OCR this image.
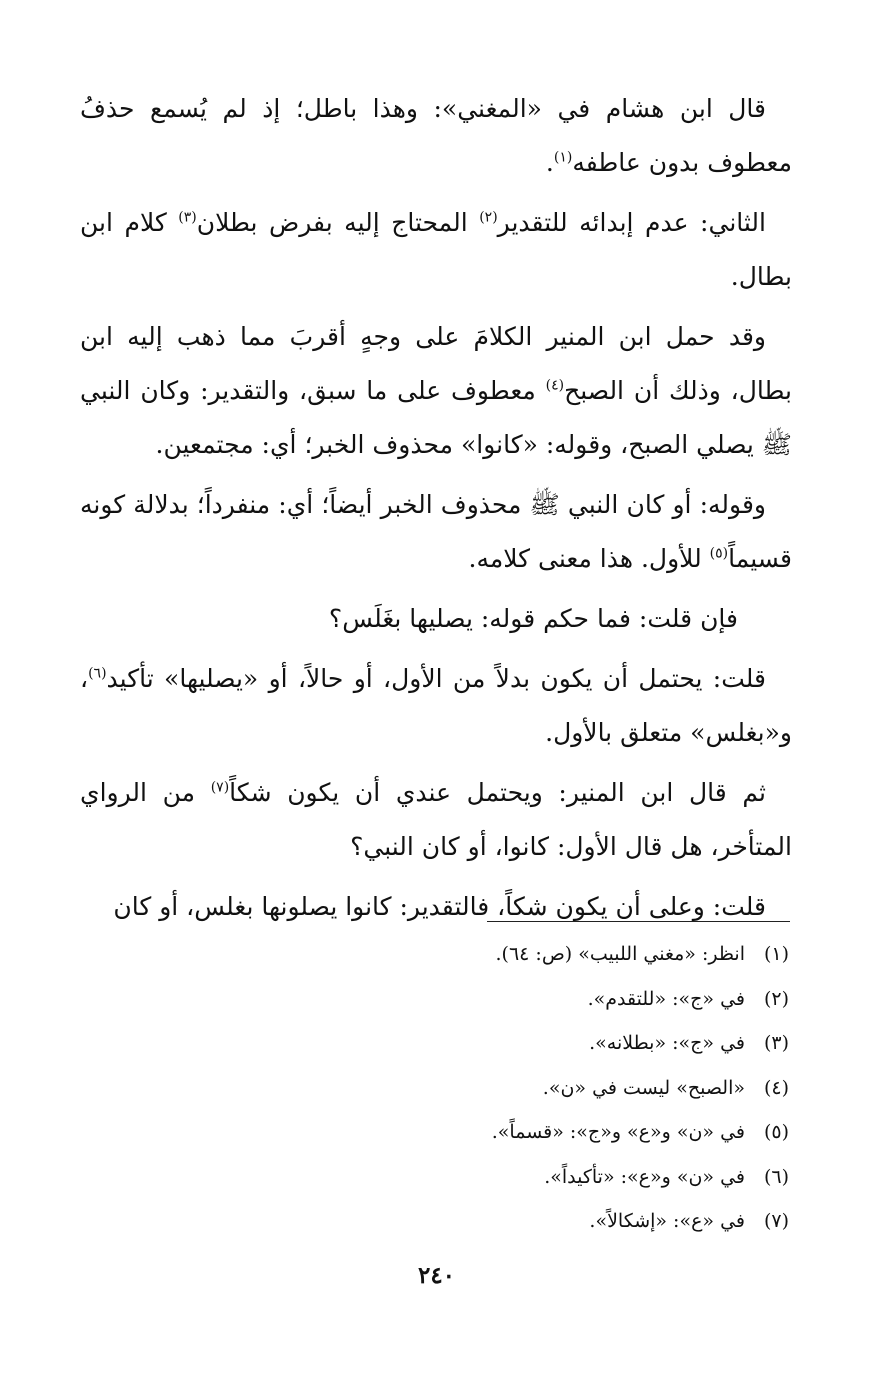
قال ابن هشام في «المغني»: وهذا باطل؛ إذ لم يُسمع حذفُ معطوف بدون عاطفه$^{(١)}$.

الثاني: عدم إبدائه للتقدير$^{(٢)}$ المحتاج إليه بفرض بطلان$^{(٣)}$ كلام ابن بطال.

وقد حمل ابن المنير الكلامَ على وجهٍ أقربَ مما ذهب إليه ابن بطال، وذلك أن الصبح$^{(٤)}$ معطوف على ما سبق، والتقدير: وكان النبي ﷺ يصلي الصبح، وقوله: «كانوا» محذوف الخبر؛ أي: مجتمعين.

وقوله: أو كان النبي ﷺ محذوف الخبر أيضاً؛ أي: منفرداً؛ بدلالة كونه قسيماً$^{(٥)}$ للأول. هذا معنى كلامه.

فإن قلت: فما حكم قوله: يصليها بغَلَس؟

قلت: يحتمل أن يكون بدلاً من الأول، أو حالاً، أو «يصليها» تأكيد$^{(٦)}$، و«بغلس» متعلق بالأول.

ثم قال ابن المنير: ويحتمل عندي أن يكون شكاً$^{(٧)}$ من الرواي المتأخر، هل قال الأول: كانوا، أو كان النبي؟

قلت: وعلى أن يكون شكاً، فالتقدير: كانوا يصلونها بغلس، أو كان

(١)انظر: «مغني اللبيب» (ص: ٦٤).
(٢)في «ج»: «للتقدم».
(٣)في «ج»: «بطلانه».
(٤)«الصبح» ليست في «ن».
(٥)في «ن» و«ع» و«ج»: «قسماً».
(٦)في «ن» و«ع»: «تأكيداً».
(٧)في «ع»: «إشكالاً».
٢٤٠
